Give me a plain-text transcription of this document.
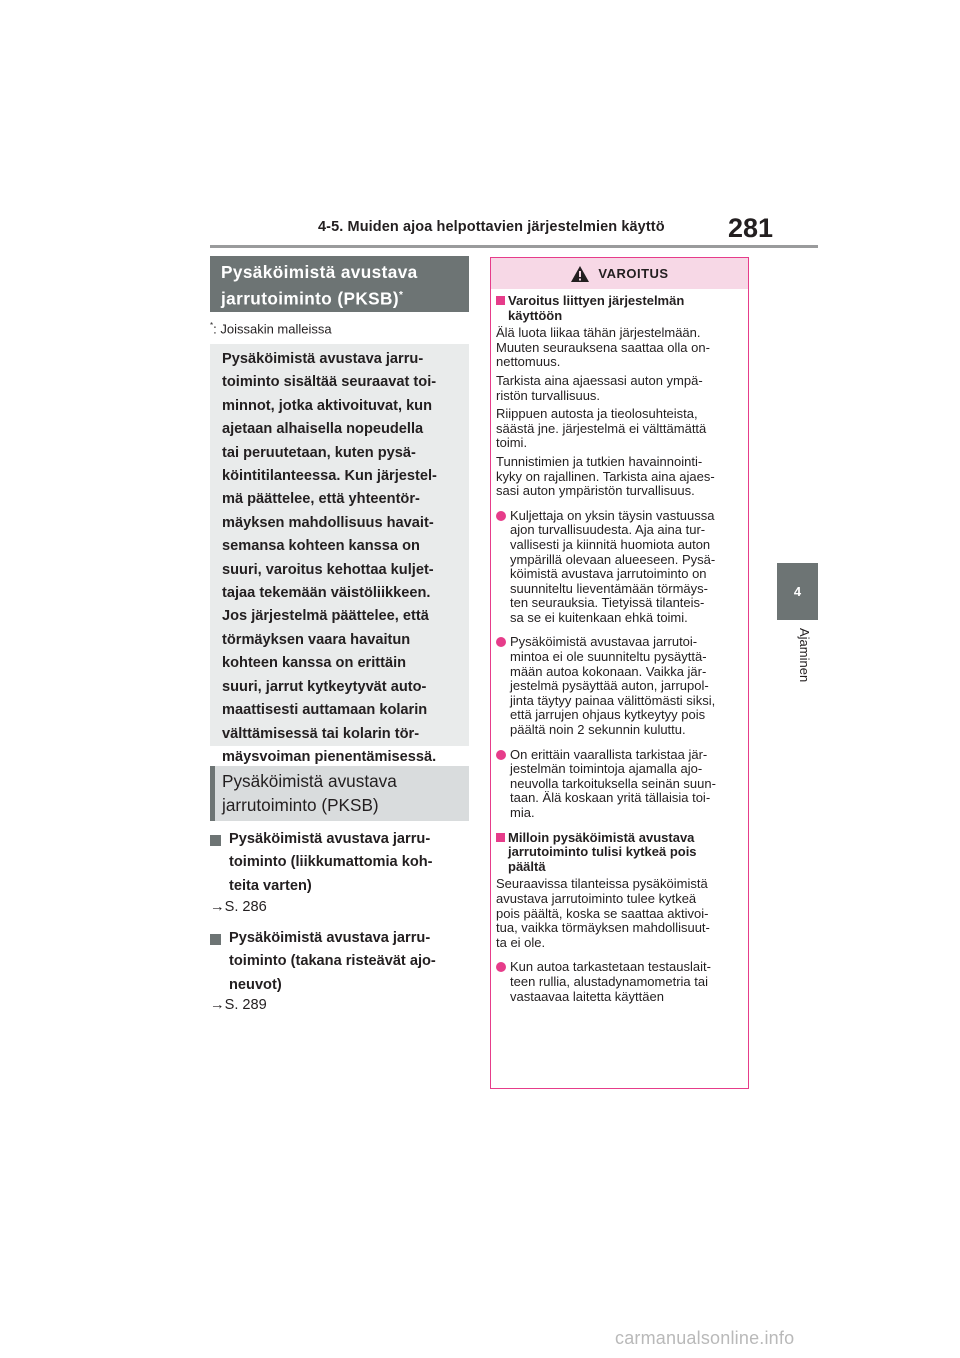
4-5. Muiden ajoa helpottavien järjestelmien käyttö 281
4
Ajaminen
Pysäköimistä avustava jarrutoiminto (PKSB)*
*: Joissakin malleissa
Pysäköimistä avustava jarru-
toiminto sisältää seuraavat toi-
minnot, jotka aktivoituvat, kun
ajetaan alhaisella nopeudella
tai peruutetaan, kuten pysä-
köintitilanteessa. Kun järjestel-
mä päättelee, että yhteentör-
mäyksen mahdollisuus havait-
semansa kohteen kanssa on
suuri, varoitus kehottaa kuljet-
tajaa tekemään väistöliikkeen.
Jos järjestelmä päättelee, että
törmäyksen vaara havaitun
kohteen kanssa on erittäin
suuri, jarrut kytkeytyvät auto-
maattisesti auttamaan kolarin
välttämisessä tai kolarin tör-
mäysvoiman pienentämisessä.
Pysäköimistä avustava
jarrutoiminto (PKSB)
Pysäköimistä avustava jarru-
toiminto (liikkumattomia koh-
teita varten)
→S. 286
Pysäköimistä avustava jarru-
toiminto (takana risteävät ajo-
neuvot)
→S. 289
VAROITUS
Varoitus liittyen järjestelmän
käyttöön
Älä luota liikaa tähän järjestelmään.
Muuten seurauksena saattaa olla on-
nettomuus.
Tarkista aina ajaessasi auton ympä-
ristön turvallisuus.
Riippuen autosta ja tieolosuhteista,
säästä jne. järjestelmä ei välttämättä
toimi.
Tunnistimien ja tutkien havainnointi-
kyky on rajallinen. Tarkista aina ajaes-
sasi auton ympäristön turvallisuus.
Kuljettaja on yksin täysin vastuussa
ajon turvallisuudesta. Aja aina tur-
vallisesti ja kiinnitä huomiota auton
ympärillä olevaan alueeseen. Pysä-
köimistä avustava jarrutoiminto on
suunniteltu lieventämään törmäys-
ten seurauksia. Tietyissä tilanteis-
sa se ei kuitenkaan ehkä toimi.
Pysäköimistä avustavaa jarrutoi-
mintoa ei ole suunniteltu pysäyttä-
mään autoa kokonaan. Vaikka jär-
jestelmä pysäyttää auton, jarrupol-
jinta täytyy painaa välittömästi siksi,
että jarrujen ohjaus kytkeytyy pois
päältä noin 2 sekunnin kuluttu.
On erittäin vaarallista tarkistaa jär-
jestelmän toimintoja ajamalla ajo-
neuvolla tarkoituksella seinän suun-
taan. Älä koskaan yritä tällaisia toi-
mia.
Milloin pysäköimistä avustava
jarrutoiminto tulisi kytkeä pois
päältä
Seuraavissa tilanteissa pysäköimistä
avustava jarrutoiminto tulee kytkeä
pois päältä, koska se saattaa aktivoi-
tua, vaikka törmäyksen mahdollisuut-
ta ei ole.
Kun autoa tarkastetaan testauslait-
teen rullia, alustadynamometria tai
vastaavaa laitetta käyttäen
carmanualsonline.info
